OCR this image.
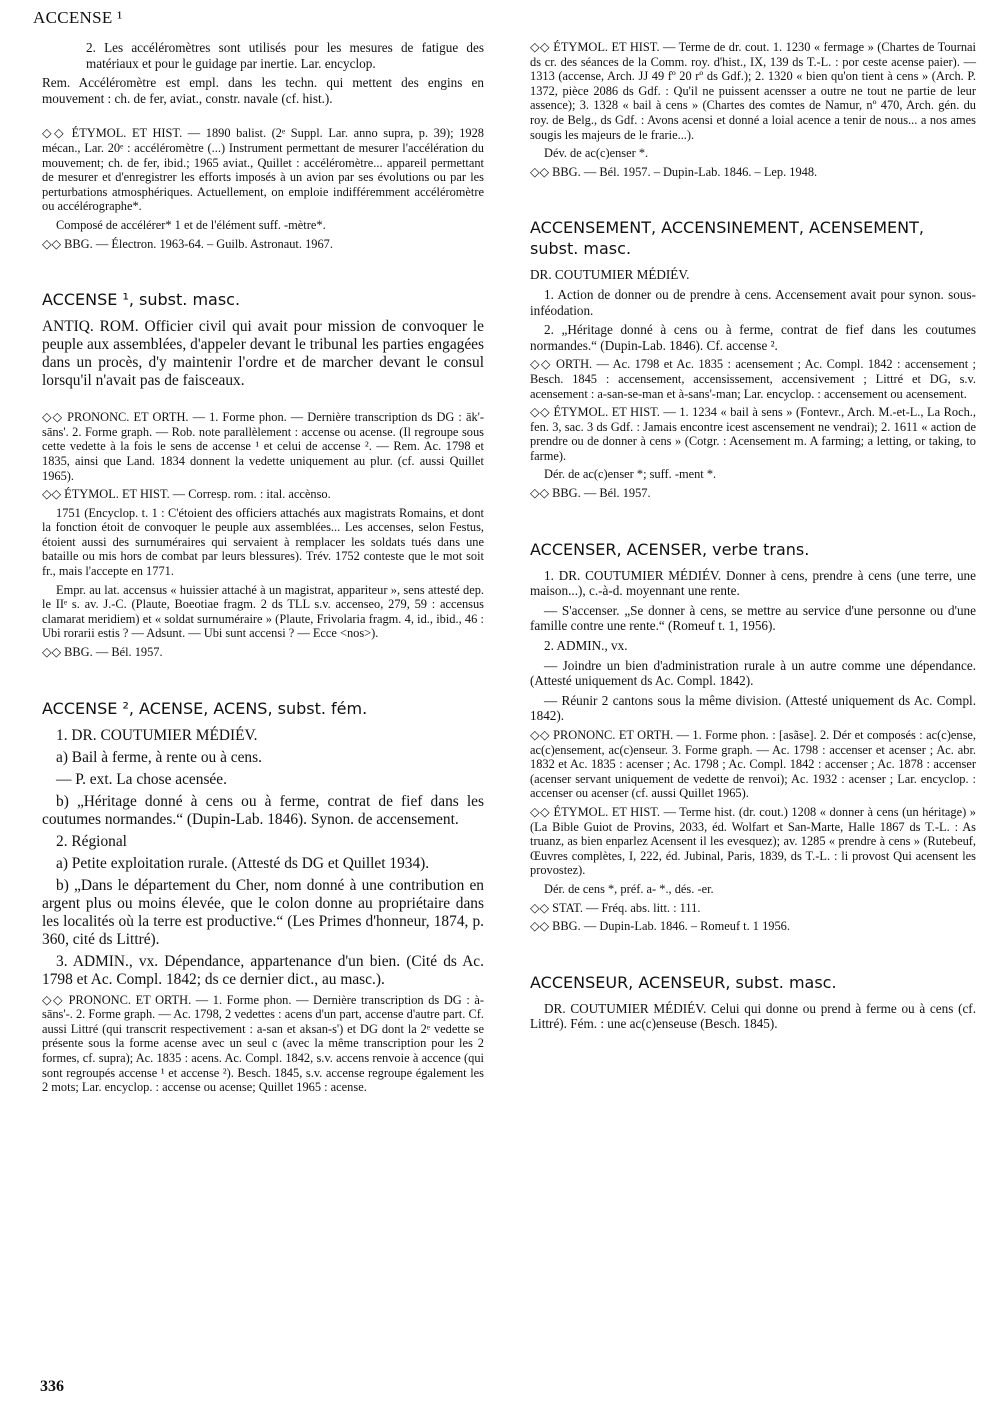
ACCENSE ¹

2. Les accéléromètres sont utilisés pour les mesures de fatigue des matériaux et pour le guidage par inertie. Lar. encyclop.

Rem. Accéléromètre est empl. dans les techn. qui mettent des engins en mouvement : ch. de fer, aviat., constr. navale (cf. hist.).

◇◇ ÉTYMOL. ET HIST. — 1890 balist. (2ᵉ Suppl. Lar. anno supra, p. 39); 1928 mécan., Lar. 20ᵉ : accéléromètre (...) Instrument permettant de mesurer l'accélération du mouvement; ch. de fer, ibid.; 1965 aviat., Quillet : accéléromètre... appareil permettant de mesurer et d'enregistrer les efforts imposés à un avion par ses évolutions ou par les perturbations atmosphériques. Actuellement, on emploie indifféremment accéléromètre ou accélérographe*.

Composé de accélérer* 1 et de l'élément suff. -mètre*.

◇◇ BBG. — Électron. 1963-64. – Guilb. Astronaut. 1967.

ACCENSE ¹, subst. masc.

ANTIQ. ROM. Officier civil qui avait pour mission de convoquer le peuple aux assemblées, d'appeler devant le tribunal les parties engagées dans un procès, d'y maintenir l'ordre et de marcher devant le consul lorsqu'il n'avait pas de faisceaux.

◇◇ PRONONC. ET ORTH. — 1. Forme phon. — Dernière transcription ds DG : āk'-sāns'. 2. Forme graph. — Rob. note parallèlement : accense ou acense. (Il regroupe sous cette vedette à la fois le sens de accense ¹ et celui de accense ². — Rem. Ac. 1798 et 1835, ainsi que Land. 1834 donnent la vedette uniquement au plur. (cf. aussi Quillet 1965).

◇◇ ÉTYMOL. ET HIST. — Corresp. rom. : ital. accènso.

1751 (Encyclop. t. 1 : C'étoient des officiers attachés aux magistrats Romains, et dont la fonction étoit de convoquer le peuple aux assemblées... Les accenses, selon Festus, étoient aussi des surnuméraires qui servaient à remplacer les soldats tués dans une bataille ou mis hors de combat par leurs blessures). Trév. 1752 conteste que le mot soit fr., mais l'accepte en 1771.

Empr. au lat. accensus « huissier attaché à un magistrat, appariteur », sens attesté dep. le IIᵉ s. av. J.-C. (Plaute, Boeotiae fragm. 2 ds TLL s.v. accenseo, 279, 59 : accensus clamarat meridiem) et « soldat surnuméraire » (Plaute, Frivolaria fragm. 4, id., ibid., 46 : Ubi rorarii estis ? — Adsunt. — Ubi sunt accensi ? — Ecce <nos>).

◇◇ BBG. — Bél. 1957.

ACCENSE ², ACENSE, ACENS, subst. fém.

1. DR. COUTUMIER MÉDIÉV.

a) Bail à ferme, à rente ou à cens.

— P. ext. La chose acensée.

b) „Héritage donné à cens ou à ferme, contrat de fief dans les coutumes normandes.“ (Dupin-Lab. 1846). Synon. de accensement.

2. Régional

a) Petite exploitation rurale. (Attesté ds DG et Quillet 1934).

b) „Dans le département du Cher, nom donné à une contribution en argent plus ou moins élevée, que le colon donne au propriétaire dans les localités où la terre est productive.“ (Les Primes d'honneur, 1874, p. 360, cité ds Littré).

3. ADMIN., vx. Dépendance, appartenance d'un bien. (Cité ds Ac. 1798 et Ac. Compl. 1842; ds ce dernier dict., au masc.).

◇◇ PRONONC. ET ORTH. — 1. Forme phon. — Dernière transcription ds DG : à-sāns'-. 2. Forme graph. — Ac. 1798, 2 vedettes : acens d'un part, accense d'autre part. Cf. aussi Littré (qui transcrit respectivement : a-san et aksan-s') et DG dont la 2ᵉ vedette se présente sous la forme acense avec un seul c (avec la même transcription pour les 2 formes, cf. supra); Ac. 1835 : acens. Ac. Compl. 1842, s.v. accens renvoie à accence (qui sont regroupés accense ¹ et accense ²). Besch. 1845, s.v. accense regroupe également les 2 mots; Lar. encyclop. : accense ou acense; Quillet 1965 : acense.

◇◇ ÉTYMOL. ET HIST. — Terme de dr. cout. 1. 1230 « fermage » (Chartes de Tournai ds cr. des séances de la Comm. roy. d'hist., IX, 139 ds T.-L. : por ceste acense paier). — 1313 (accense, Arch. JJ 49 fº 20 rº ds Gdf.); 2. 1320 « bien qu'on tient à cens » (Arch. P. 1372, pièce 2086 ds Gdf. : Qu'il ne puissent acensser a outre ne tout ne partie de leur assence); 3. 1328 « bail à cens » (Chartes des comtes de Namur, nº 470, Arch. gén. du roy. de Belg., ds Gdf. : Avons acensi et donné a loial acence a tenir de nous... a nos ames sougis les majeurs de le frarie...).

Dév. de ac(c)enser *.

◇◇ BBG. — Bél. 1957. – Dupin-Lab. 1846. – Lep. 1948.

ACCENSEMENT, ACCENSINEMENT, ACENSEMENT, subst. masc.

DR. COUTUMIER MÉDIÉV.

1. Action de donner ou de prendre à cens. Accensement avait pour synon. sous-inféodation.

2. „Héritage donné à cens ou à ferme, contrat de fief dans les coutumes normandes.“ (Dupin-Lab. 1846). Cf. accense ².

◇◇ ORTH. — Ac. 1798 et Ac. 1835 : acensement ; Ac. Compl. 1842 : accensement ; Besch. 1845 : accensement, accensissement, accensivement ; Littré et DG, s.v. acensement : a-san-se-man et à-sans'-man; Lar. encyclop. : accensement ou acensement.

◇◇ ÉTYMOL. ET HIST. — 1. 1234 « bail à sens » (Fontevr., Arch. M.-et-L., La Roch., fen. 3, sac. 3 ds Gdf. : Jamais encontre icest ascensement ne vendrai); 2. 1611 « action de prendre ou de donner à cens » (Cotgr. : Acensement m. A farming; a letting, or taking, to farme).

Dér. de ac(c)enser *; suff. -ment *.

◇◇ BBG. — Bél. 1957.

ACCENSER, ACENSER, verbe trans.

1. DR. COUTUMIER MÉDIÉV. Donner à cens, prendre à cens (une terre, une maison...), c.-à-d. moyennant une rente.

— S'accenser. „Se donner à cens, se mettre au service d'une personne ou d'une famille contre une rente.“ (Romeuf t. 1, 1956).

2. ADMIN., vx.

— Joindre un bien d'administration rurale à un autre comme une dépendance. (Attesté uniquement ds Ac. Compl. 1842).

— Réunir 2 cantons sous la même division. (Attesté uniquement ds Ac. Compl. 1842).

◇◇ PRONONC. ET ORTH. — 1. Forme phon. : [asãse]. 2. Dér et composés : ac(c)ense, ac(c)ensement, ac(c)enseur. 3. Forme graph. — Ac. 1798 : accenser et acenser ; Ac. abr. 1832 et Ac. 1835 : acenser ; Ac. 1798 ; Ac. Compl. 1842 : accenser ; Ac. 1878 : accenser (acenser servant uniquement de vedette de renvoi); Ac. 1932 : acenser ; Lar. encyclop. : accenser ou acenser (cf. aussi Quillet 1965).

◇◇ ÉTYMOL. ET HIST. — Terme hist. (dr. cout.) 1208 « donner à cens (un héritage) » (La Bible Guiot de Provins, 2033, éd. Wolfart et San-Marte, Halle 1867 ds T.-L. : As truanz, as bien enparlez Acensent il les evesquez); av. 1285 « prendre à cens » (Rutebeuf, Œuvres complètes, I, 222, éd. Jubinal, Paris, 1839, ds T.-L. : li provost Qui acensent les provostez).

Dér. de cens *, préf. a- *., dés. -er.

◇◇ STAT. — Fréq. abs. litt. : 111.

◇◇ BBG. — Dupin-Lab. 1846. – Romeuf t. 1 1956.

ACCENSEUR, ACENSEUR, subst. masc.

DR. COUTUMIER MÉDIÉV. Celui qui donne ou prend à ferme ou à cens (cf. Littré). Fém. : une ac(c)enseuse (Besch. 1845).

336
